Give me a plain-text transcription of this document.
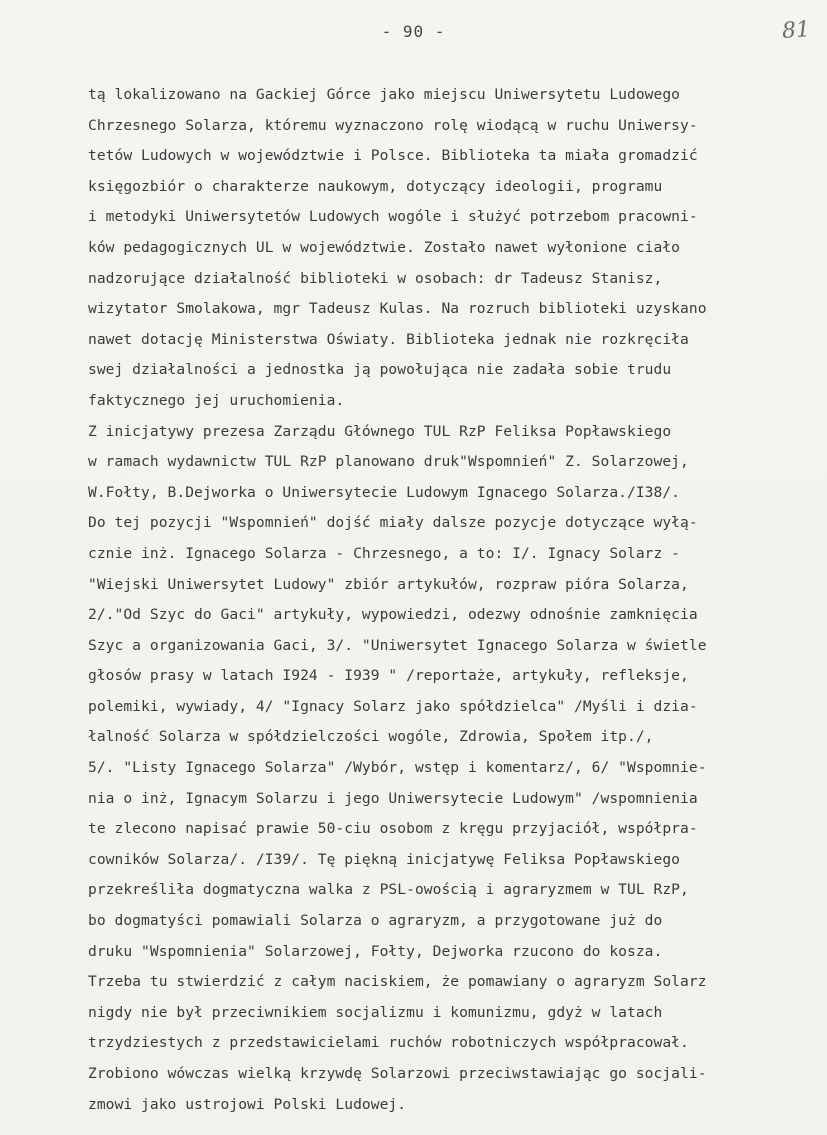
- 90 -	81
tą lokalizowano na Gackiej Górce jako miejscu Uniwersytetu Ludowego
Chrzesnego Solarza, któremu wyznaczono rolę wiodącą w ruchu Uniwersy-
tetów Ludowych w województwie i Polsce. Biblioteka ta miała gromadzić
księgozbiór o charakterze naukowym, dotyczący ideologii, programu
i metodyki Uniwersytetów Ludowych wogóle i służyć potrzebom pracowni-
ków pedagogicznych UL w województwie. Zostało nawet wyłonione ciało
nadzorujące działalność biblioteki w osobach: dr Tadeusz Stanisz,
wizytator Smolakowa, mgr Tadeusz Kulas. Na rozruch biblioteki uzyskano
nawet dotację Ministerstwa Oświaty. Biblioteka jednak nie rozkręciła
swej działalności a jednostka ją powołująca nie zadała sobie trudu
faktycznego jej uruchomienia.
Z inicjatywy prezesa Zarządu Głównego TUL RzP Feliksa Popławskiego
w ramach wydawnictw TUL RzP planowano druk"Wspomnień" Z. Solarzowej,
W.Fołty, B.Dejworka o Uniwersytecie Ludowym Ignacego Solarza./I38/.
Do tej pozycji "Wspomnień" dojść miały dalsze pozycje dotyczące wyłą-
cznie inż. Ignacego Solarza - Chrzesnego, a to: I/. Ignacy Solarz -
"Wiejski Uniwersytet Ludowy" zbiór artykułów, rozpraw pióra Solarza,
2/."Od Szyc do Gaci" artykuły, wypowiedzi, odezwy odnośnie zamknięcia
Szyc a organizowania Gaci, 3/. "Uniwersytet Ignacego Solarza w świetle
głosów prasy w latach I924 - I939 " /reportaże, artykuły, refleksje,
polemiki, wywiady, 4/ "Ignacy Solarz jako spółdzielca" /Myśli i dzia-
łalność Solarza w spółdzielczości wogóle, Zdrowia, Społem itp./,
5/. "Listy Ignacego Solarza" /Wybór, wstęp i komentarz/, 6/ "Wspomnie-
nia o inż, Ignacym Solarzu i jego Uniwersytecie Ludowym" /wspomnienia
te zlecono napisać prawie 50-ciu osobom z kręgu przyjaciół, współpra-
cowników Solarza/. /I39/. Tę piękną inicjatywę Feliksa Popławskiego
przekreśliła dogmatyczna walka z PSL-owością i agraryzmem w TUL RzP,
bo dogmatyści pomawiali Solarza o agraryzm, a przygotowane już do
druku "Wspomnienia" Solarzowej, Fołty, Dejworka rzucono do kosza.
Trzeba tu stwierdzić z całym naciskiem, że pomawiany o agraryzm Solarz
nigdy nie był przeciwnikiem socjalizmu i komunizmu, gdyż w latach
trzydziestych z przedstawicielami ruchów robotniczych współpracował.
Zrobiono wówczas wielką krzywdę Solarzowi przeciwstawiając go socjali-
zmowi jako ustrojowi Polski Ludowej.
